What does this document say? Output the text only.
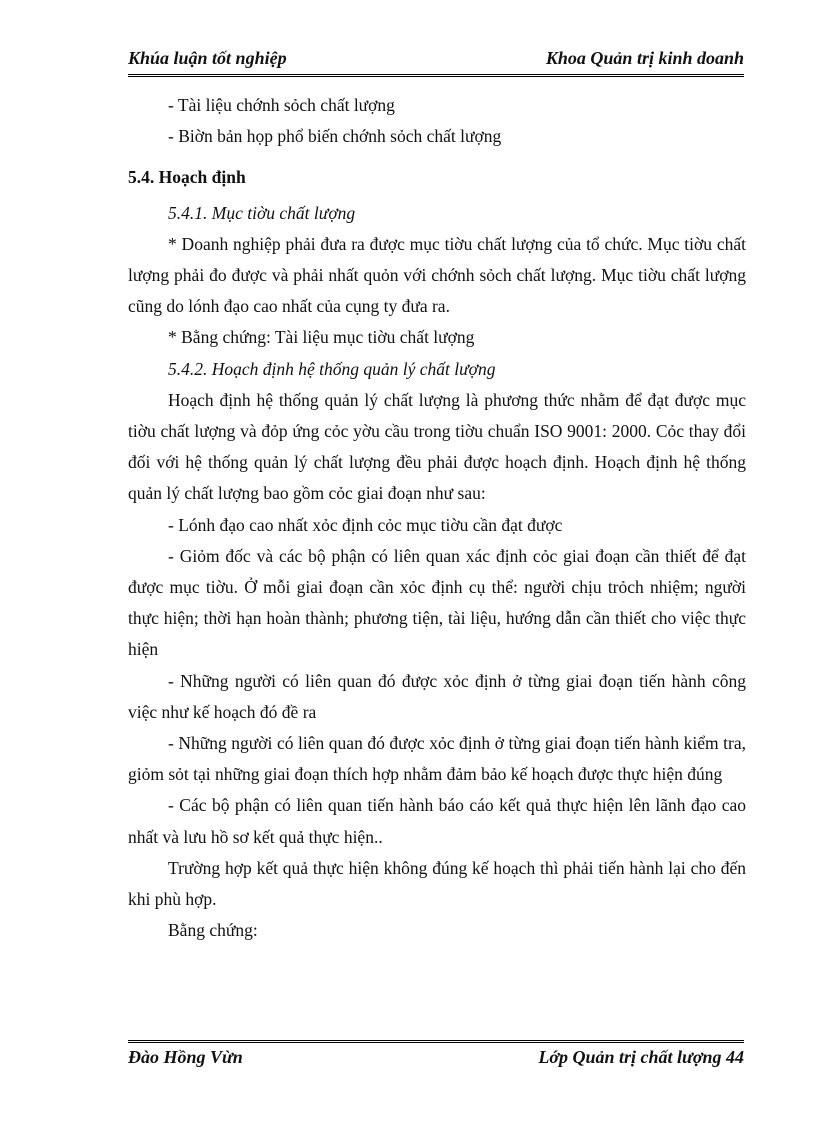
Khúa luận tốt nghiệp	Khoa Quản trị kinh doanh

- Tài liệu chớnh sỏch chất lượng

- Biờn bản họp phổ biến chớnh sỏch chất lượng

5.4. Hoạch định

5.4.1. Mục tiờu chất lượng

* Doanh nghiệp phải đưa ra được mục tiờu chất lượng của tổ chức. Mục tiờu chất lượng phải đo được và phải nhất quỏn với chớnh sỏch chất lượng. Mục tiờu chất lượng cũng do lónh đạo cao nhất của cụng ty đưa ra.

* Bằng chứng: Tài liệu mục tiờu chất lượng

5.4.2. Hoạch định hệ thống quản lý chất lượng

Hoạch định hệ thống quản lý chất lượng là phương thức nhằm để đạt được mục tiờu chất lượng và đỏp ứng cỏc yờu cầu trong tiờu chuẩn ISO 9001: 2000. Cỏc thay đổi đối với hệ thống quản lý chất lượng đều phải được hoạch định. Hoạch định hệ thống quản lý chất lượng bao gồm cỏc giai đoạn như sau:

- Lónh đạo cao nhất xỏc định cỏc mục tiờu cần đạt được

- Giỏm đốc và các bộ phận có liên quan xác định cỏc giai đoạn cần thiết để đạt được mục tiờu. Ở mỗi giai đoạn cần xỏc định cụ thể: người chịu trỏch nhiệm; người thực hiện; thời hạn hoàn thành; phương tiện, tài liệu, hướng dẫn cần thiết cho việc thực hiện

- Những người có liên quan đó được xỏc định ở từng giai đoạn tiến hành công việc như kế hoạch đó đề ra

- Những người có liên quan đó được xỏc định ở từng giai đoạn tiến hành kiểm tra, giỏm sỏt tại những giai đoạn thích hợp nhằm đảm bảo kế hoạch được thực hiện đúng

- Các bộ phận có liên quan tiến hành báo cáo kết quả thực hiện lên lãnh đạo cao nhất và lưu hồ sơ kết quả thực hiện..

Trường hợp kết quả thực hiện không đúng kế hoạch thì phải tiến hành lại cho đến khi phù hợp.

Bằng chứng:

Đào Hồng Vừn	Lớp Quản trị chất lượng 44
